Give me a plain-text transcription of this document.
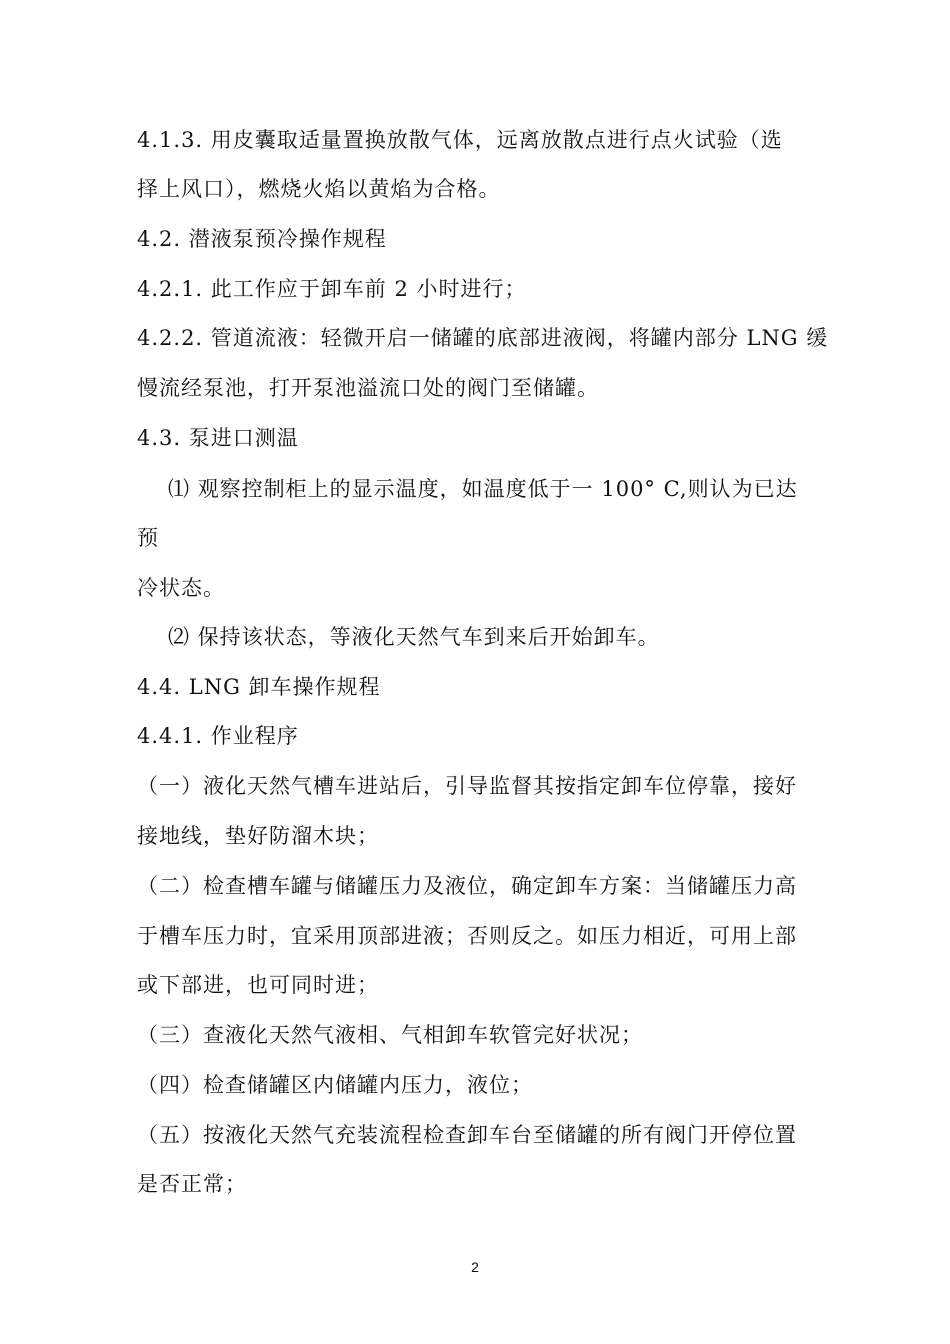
4.1.3. 用皮囊取适量置换放散气体，远离放散点进行点火试验（选
择上风口），燃烧火焰以黄焰为合格。
4.2. 潜液泵预冷操作规程
4.2.1. 此工作应于卸车前 2 小时进行；
4.2.2. 管道流液：轻微开启一储罐的底部进液阀，将罐内部分 LNG 缓
慢流经泵池，打开泵池溢流口处的阀门至储罐。
4.3. 泵进口测温
⑴ 观察控制柜上的显示温度，如温度低于一 100° C,则认为已达
预
冷状态。
⑵ 保持该状态，等液化天然气车到来后开始卸车。
4.4. LNG 卸车操作规程
4.4.1. 作业程序
（一）液化天然气槽车进站后，引导监督其按指定卸车位停靠，接好
接地线，垫好防溜木块；
（二）检查槽车罐与储罐压力及液位，确定卸车方案：当储罐压力高
于槽车压力时，宜采用顶部进液；否则反之。如压力相近，可用上部
或下部进，也可同时进；
（三）查液化天然气液相、气相卸车软管完好状况；
（四）检查储罐区内储罐内压力，液位；
（五）按液化天然气充装流程检查卸车台至储罐的所有阀门开停位置
是否正常；
2
